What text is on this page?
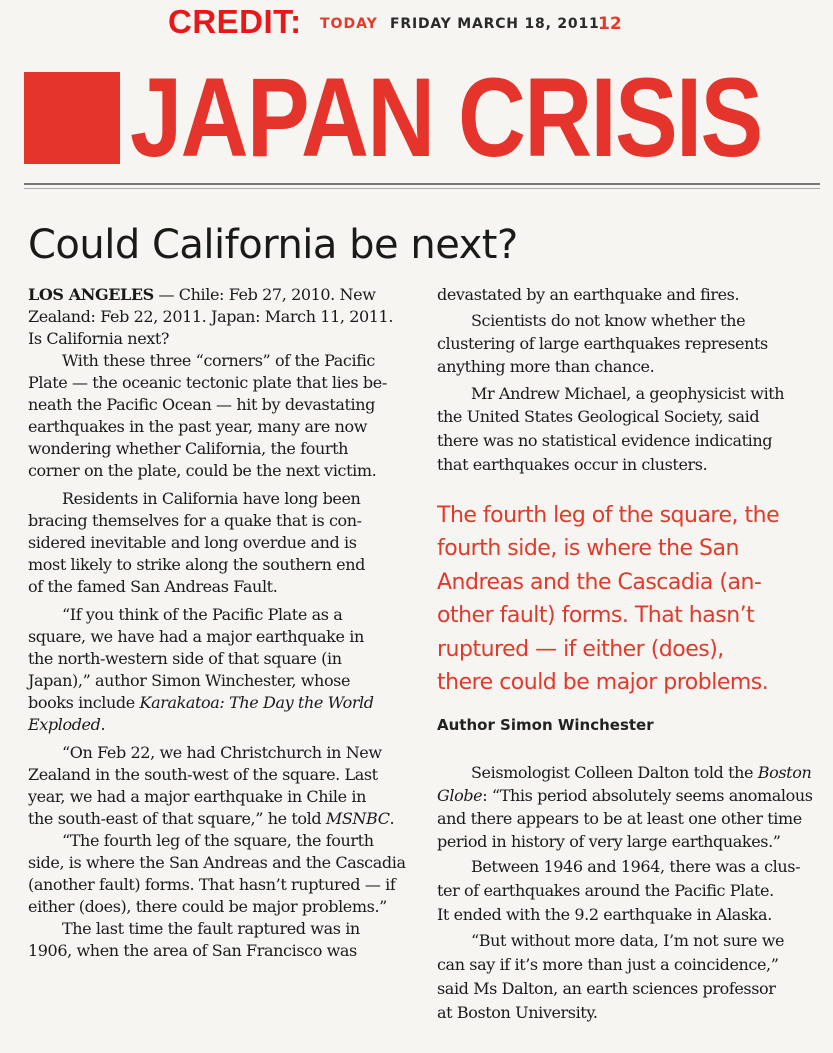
CREDIT: TODAY FRIDAY MARCH 18, 2011
12
JAPAN CRISIS
Could California be next?
LOS ANGELES — Chile: Feb 27, 2010. New
Zealand: Feb 22, 2011. Japan: March 11, 2011.
Is California next?
With these three “corners” of the Pacific
Plate — the oceanic tectonic plate that lies be-
neath the Pacific Ocean — hit by devastating
earthquakes in the past year, many are now
wondering whether California, the fourth
corner on the plate, could be the next victim.
Residents in California have long been
bracing themselves for a quake that is con-
sidered inevitable and long overdue and is
most likely to strike along the southern end
of the famed San Andreas Fault.
“If you think of the Pacific Plate as a
square, we have had a major earthquake in
the north-western side of that square (in
Japan),” author Simon Winchester, whose
books include Karakatoa: The Day the World
Exploded.
“On Feb 22, we had Christchurch in New
Zealand in the south-west of the square. Last
year, we had a major earthquake in Chile in
the south-east of that square,” he told MSNBC.
“The fourth leg of the square, the fourth
side, is where the San Andreas and the Cascadia
(another fault) forms. That hasn’t ruptured — if
either (does), there could be major problems.”
The last time the fault raptured was in
1906, when the area of San Francisco was
devastated by an earthquake and fires.
Scientists do not know whether the
clustering of large earthquakes represents
anything more than chance.
Mr Andrew Michael, a geophysicist with
the United States Geological Society, said
there was no statistical evidence indicating
that earthquakes occur in clusters.
The fourth leg of the square, the
fourth side, is where the San
Andreas and the Cascadia (an-
other fault) forms. That hasn’t
ruptured — if either (does),
there could be major problems.
Author Simon Winchester
Seismologist Colleen Dalton told the Boston
Globe: “This period absolutely seems anomalous
and there appears to be at least one other time
period in history of very large earthquakes.”
Between 1946 and 1964, there was a clus-
ter of earthquakes around the Pacific Plate.
It ended with the 9.2 earthquake in Alaska.
“But without more data, I’m not sure we
can say if it’s more than just a coincidence,”
said Ms Dalton, an earth sciences professor
at Boston University.
